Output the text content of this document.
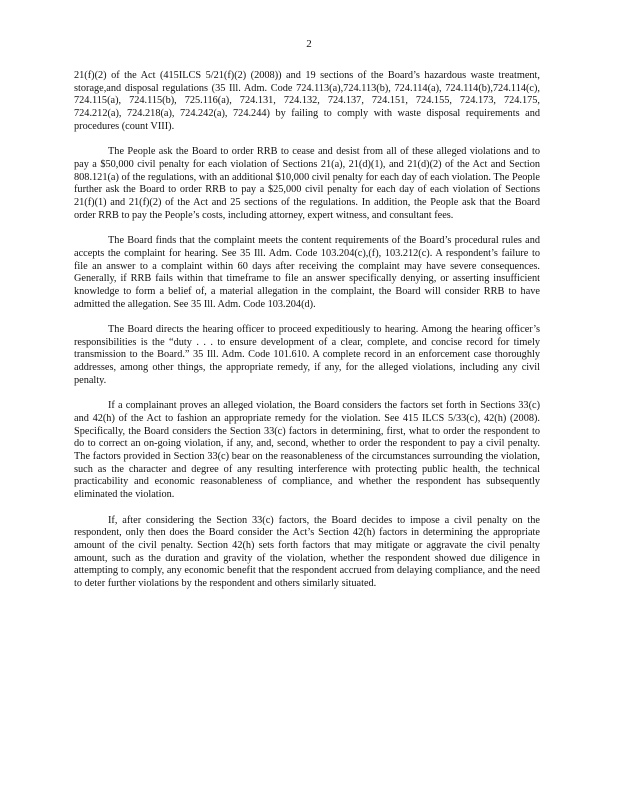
2

21(f)(2) of the Act (415ILCS 5/21(f)(2) (2008)) and 19 sections of the Board’s hazardous waste treatment, storage,and disposal regulations (35 Ill. Adm. Code 724.113(a),724.113(b), 724.114(a), 724.114(b),724.114(c), 724.115(a), 724.115(b), 725.116(a), 724.131, 724.132, 724.137, 724.151, 724.155, 724.173, 724.175, 724.212(a), 724.218(a), 724.242(a), 724.244) by failing to comply with waste disposal requirements and procedures (count VIII).

The People ask the Board to order RRB to cease and desist from all of these alleged violations and to pay a $50,000 civil penalty for each violation of Sections 21(a), 21(d)(1), and 21(d)(2) of the Act and Section 808.121(a) of the regulations, with an additional $10,000 civil penalty for each day of each violation. The People further ask the Board to order RRB to pay a $25,000 civil penalty for each day of each violation of Sections 21(f)(1) and 21(f)(2) of the Act and 25 sections of the regulations. In addition, the People ask that the Board order RRB to pay the People’s costs, including attorney, expert witness, and consultant fees.

The Board finds that the complaint meets the content requirements of the Board’s procedural rules and accepts the complaint for hearing. See 35 Ill. Adm. Code 103.204(c),(f), 103.212(c). A respondent’s failure to file an answer to a complaint within 60 days after receiving the complaint may have severe consequences. Generally, if RRB fails within that timeframe to file an answer specifically denying, or asserting insufficient knowledge to form a belief of, a material allegation in the complaint, the Board will consider RRB to have admitted the allegation. See 35 Ill. Adm. Code 103.204(d).

The Board directs the hearing officer to proceed expeditiously to hearing. Among the hearing officer’s responsibilities is the “duty . . . to ensure development of a clear, complete, and concise record for timely transmission to the Board.” 35 Ill. Adm. Code 101.610. A complete record in an enforcement case thoroughly addresses, among other things, the appropriate remedy, if any, for the alleged violations, including any civil penalty.

If a complainant proves an alleged violation, the Board considers the factors set forth in Sections 33(c) and 42(h) of the Act to fashion an appropriate remedy for the violation. See 415 ILCS 5/33(c), 42(h) (2008). Specifically, the Board considers the Section 33(c) factors in determining, first, what to order the respondent to do to correct an on-going violation, if any, and, second, whether to order the respondent to pay a civil penalty. The factors provided in Section 33(c) bear on the reasonableness of the circumstances surrounding the violation, such as the character and degree of any resulting interference with protecting public health, the technical practicability and economic reasonableness of compliance, and whether the respondent has subsequently eliminated the violation.

If, after considering the Section 33(c) factors, the Board decides to impose a civil penalty on the respondent, only then does the Board consider the Act’s Section 42(h) factors in determining the appropriate amount of the civil penalty. Section 42(h) sets forth factors that may mitigate or aggravate the civil penalty amount, such as the duration and gravity of the violation, whether the respondent showed due diligence in attempting to comply, any economic benefit that the respondent accrued from delaying compliance, and the need to deter further violations by the respondent and others similarly situated.
